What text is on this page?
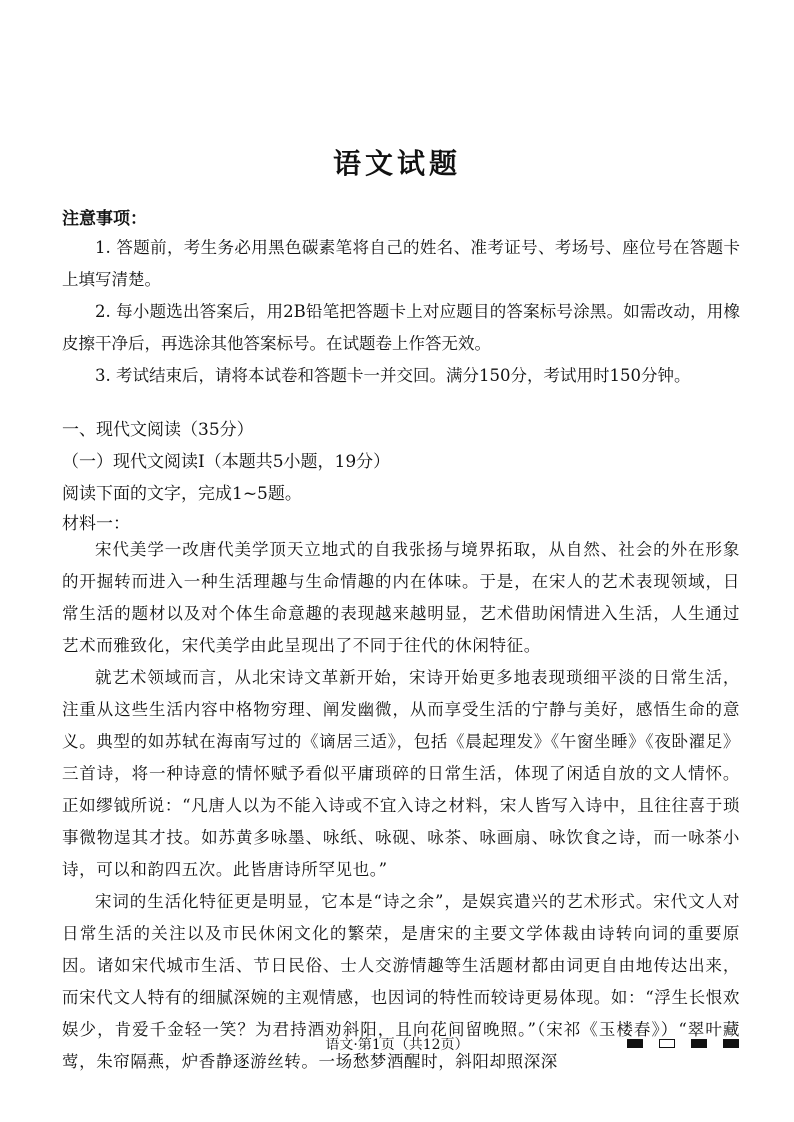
语文试题
注意事项：

1. 答题前，考生务必用黑色碳素笔将自己的姓名、准考证号、考场号、座位号在答题卡上填写清楚。

2. 每小题选出答案后，用2B铅笔把答题卡上对应题目的答案标号涂黑。如需改动，用橡皮擦干净后，再选涂其他答案标号。在试题卷上作答无效。

3. 考试结束后，请将本试卷和答题卡一并交回。满分150分，考试用时150分钟。

一、现代文阅读（35分）
（一）现代文阅读Ⅰ（本题共5小题，19分）
阅读下面的文字，完成1~5题。
材料一：

宋代美学一改唐代美学顶天立地式的自我张扬与境界拓取，从自然、社会的外在形象的开掘转而进入一种生活理趣与生命情趣的内在体味。于是，在宋人的艺术表现领域，日常生活的题材以及对个体生命意趣的表现越来越明显，艺术借助闲情进入生活，人生通过艺术而雅致化，宋代美学由此呈现出了不同于往代的休闲特征。

就艺术领域而言，从北宋诗文革新开始，宋诗开始更多地表现琐细平淡的日常生活，注重从这些生活内容中格物穷理、阐发幽微，从而享受生活的宁静与美好，感悟生命的意义。典型的如苏轼在海南写过的《谪居三适》，包括《晨起理发》《午窗坐睡》《夜卧濯足》三首诗，将一种诗意的情怀赋予看似平庸琐碎的日常生活，体现了闲适自放的文人情怀。正如缪钺所说：“凡唐人以为不能入诗或不宜入诗之材料，宋人皆写入诗中，且往往喜于琐事微物逞其才技。如苏黄多咏墨、咏纸、咏砚、咏茶、咏画扇、咏饮食之诗，而一咏茶小诗，可以和韵四五次。此皆唐诗所罕见也。”

宋词的生活化特征更是明显，它本是“诗之余”，是娱宾遣兴的艺术形式。宋代文人对日常生活的关注以及市民休闲文化的繁荣，是唐宋的主要文学体裁由诗转向词的重要原因。诸如宋代城市生活、节日民俗、士人交游情趣等生活题材都由词更自由地传达出来，而宋代文人特有的细腻深婉的主观情感，也因词的特性而较诗更易体现。如：“浮生长恨欢娱少，肯爱千金轻一笑？为君持酒劝斜阳，且向花间留晚照。”（宋祁《玉楼春》）“翠叶藏莺，朱帘隔燕，炉香静逐游丝转。一场愁梦酒醒时，斜阳却照深深

语文·第1页（共12页）
